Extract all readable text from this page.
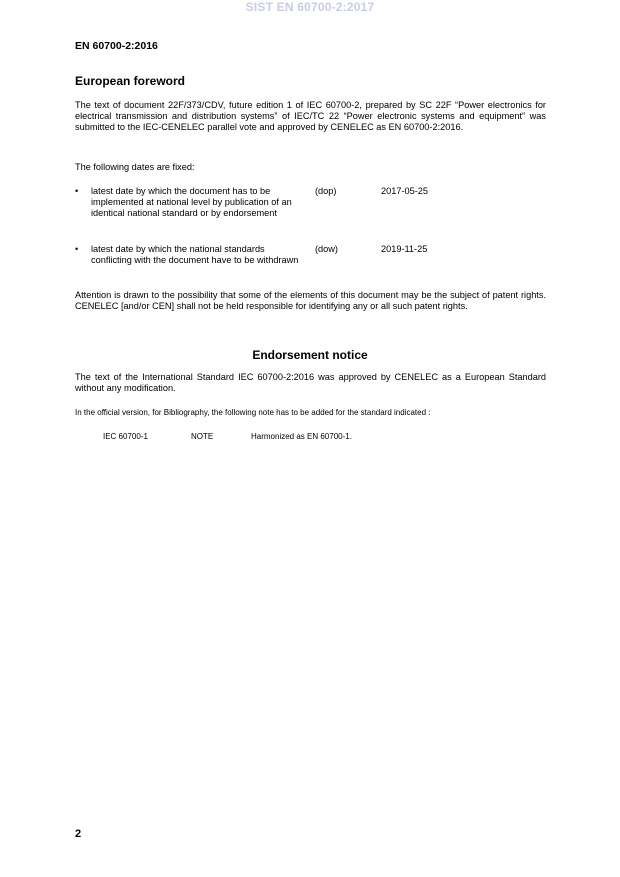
SIST EN 60700-2:2017
EN 60700-2:2016
European foreword

The text of document 22F/373/CDV, future edition 1 of IEC 60700-2, prepared by SC 22F “Power electronics for electrical transmission and distribution systems” of IEC/TC 22 “Power electronic systems and equipment” was submitted to the IEC-CENELEC parallel vote and approved by CENELEC as EN 60700-2:2016.

The following dates are fixed:

• latest date by which the document has to be implemented at national level by publication of an identical national standard or by endorsement
(dop)	2017-05-25
• latest date by which the national standards conflicting with the document have to be withdrawn
(dow)	2019-11-25

Attention is drawn to the possibility that some of the elements of this document may be the subject of patent rights. CENELEC [and/or CEN] shall not be held responsible for identifying any or all such patent rights.

Endorsement notice

The text of the International Standard IEC 60700-2:2016 was approved by CENELEC as a European Standard without any modification.

In the official version, for Bibliography, the following note has to be added for the standard indicated :

IEC 60700-1	NOTE	Harmonized as EN 60700-1.
2
